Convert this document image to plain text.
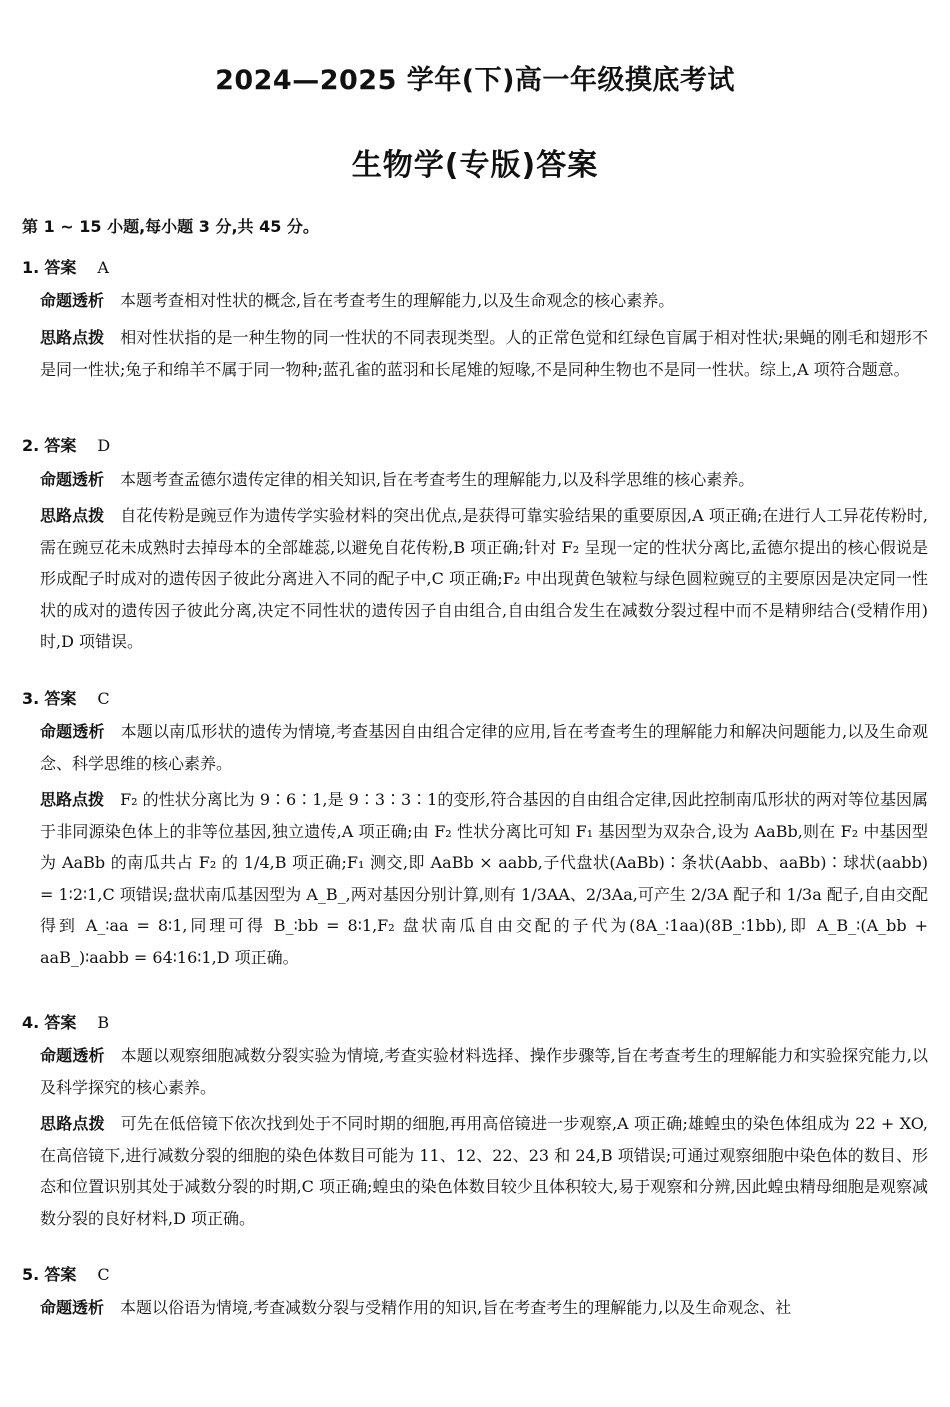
2024—2025 学年(下)高一年级摸底考试
生物学(专版)答案
第 1 ~ 15 小题,每小题 3 分,共 45 分。
1. 答案 A
命题透析 本题考查相对性状的概念,旨在考查考生的理解能力,以及生命观念的核心素养。
思路点拨 相对性状指的是一种生物的同一性状的不同表现类型。人的正常色觉和红绿色盲属于相对性状;果蝇的刚毛和翅形不是同一性状;兔子和绵羊不属于同一物种;蓝孔雀的蓝羽和长尾雉的短喙,不是同种生物也不是同一性状。综上,A 项符合题意。
2. 答案 D
命题透析 本题考查孟德尔遗传定律的相关知识,旨在考查考生的理解能力,以及科学思维的核心素养。
思路点拨 自花传粉是豌豆作为遗传学实验材料的突出优点,是获得可靠实验结果的重要原因,A 项正确;在进行人工异花传粉时,需在豌豆花未成熟时去掉母本的全部雄蕊,以避免自花传粉,B 项正确;针对 F₂ 呈现一定的性状分离比,孟德尔提出的核心假说是形成配子时成对的遗传因子彼此分离进入不同的配子中,C 项正确;F₂ 中出现黄色皱粒与绿色圆粒豌豆的主要原因是决定同一性状的成对的遗传因子彼此分离,决定不同性状的遗传因子自由组合,自由组合发生在减数分裂过程中而不是精卵结合(受精作用)时,D 项错误。
3. 答案 C
命题透析 本题以南瓜形状的遗传为情境,考查基因自由组合定律的应用,旨在考查考生的理解能力和解决问题能力,以及生命观念、科学思维的核心素养。
思路点拨 F₂ 的性状分离比为 9∶6∶1,是 9∶3∶3∶1的变形,符合基因的自由组合定律,因此控制南瓜形状的两对等位基因属于非同源染色体上的非等位基因,独立遗传,A 项正确;由 F₂ 性状分离比可知 F₁ 基因型为双杂合,设为 AaBb,则在 F₂ 中基因型为 AaBb 的南瓜共占 F₂ 的 1/4,B 项正确;F₁ 测交,即 AaBb × aabb,子代盘状(AaBb)∶条状(Aabb、aaBb)∶球状(aabb) = 1∶2∶1,C 项错误;盘状南瓜基因型为 A_B_,两对基因分别计算,则有 1/3AA、2/3Aa,可产生 2/3A 配子和 1/3a 配子,自由交配得到 A_∶aa = 8∶1,同理可得 B_∶bb = 8∶1,F₂ 盘状南瓜自由交配的子代为(8A_∶1aa)(8B_∶1bb),即 A_B_∶(A_bb + aaB_)∶aabb = 64∶16∶1,D 项正确。
4. 答案 B
命题透析 本题以观察细胞减数分裂实验为情境,考查实验材料选择、操作步骤等,旨在考查考生的理解能力和实验探究能力,以及科学探究的核心素养。
思路点拨 可先在低倍镜下依次找到处于不同时期的细胞,再用高倍镜进一步观察,A 项正确;雄蝗虫的染色体组成为 22 + XO,在高倍镜下,进行减数分裂的细胞的染色体数目可能为 11、12、22、23 和 24,B 项错误;可通过观察细胞中染色体的数目、形态和位置识别其处于减数分裂的时期,C 项正确;蝗虫的染色体数目较少且体积较大,易于观察和分辨,因此蝗虫精母细胞是观察减数分裂的良好材料,D 项正确。
5. 答案 C
命题透析 本题以俗语为情境,考查减数分裂与受精作用的知识,旨在考查考生的理解能力,以及生命观念、社
